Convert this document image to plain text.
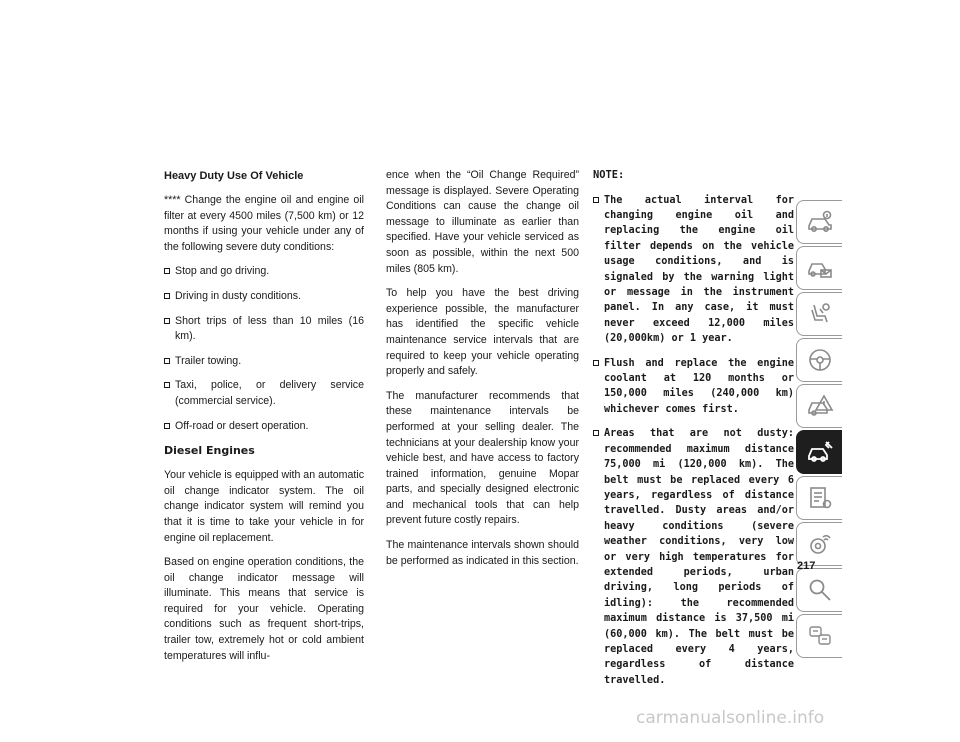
Heavy Duty Use Of Vehicle

**** Change the engine oil and engine oil filter at every 4500 miles (7,500 km) or 12 months if using your vehicle under any of the following severe duty conditions:

Stop and go driving.
Driving in dusty conditions.
Short trips of less than 10 miles (16 km).
Trailer towing.
Taxi, police, or delivery service (commercial service).
Off-road or desert operation.
Diesel Engines

Your vehicle is equipped with an automatic oil change indicator system. The oil change indicator system will remind you that it is time to take your vehicle in for engine oil replacement.

Based on engine operation conditions, the oil change indicator message will illuminate. This means that service is required for your vehicle. Operating conditions such as frequent short-trips, trailer tow, extremely hot or cold ambient temperatures will influ-

ence when the “Oil Change Required” message is displayed. Severe Operating Conditions can cause the change oil message to illuminate as earlier than specified. Have your vehicle serviced as soon as possible, within the next 500 miles (805 km).

To help you have the best driving experience possible, the manufacturer has identified the specific vehicle maintenance service intervals that are required to keep your vehicle operating properly and safely.

The manufacturer recommends that these maintenance intervals be performed at your selling dealer. The technicians at your dealership know your vehicle best, and have access to factory trained information, genuine Mopar parts, and specially designed electronic and mechanical tools that can help prevent future costly repairs.

The maintenance intervals shown should be performed as indicated in this section.

NOTE:
The actual interval for changing engine oil and replacing the engine oil filter depends on the vehicle usage conditions, and is signaled by the warning light or message in the instrument panel. In any case, it must never exceed 12,000 miles (20,000km) or 1 year.
Flush and replace the engine coolant at 120 months or 150,000 miles (240,000 km) whichever comes first.
Areas that are not dusty: recommended maximum distance 75,000 mi (120,000 km). The belt must be replaced every 6 years, regardless of distance travelled. Dusty areas and/or heavy conditions (severe weather conditions, very low or very high temperatures for extended periods, urban driving, long periods of idling): the recommended maximum distance is 37,500 mi (60,000 km). The belt must be replaced every 4 years, regardless of distance travelled.
217
carmanualsonline.info
